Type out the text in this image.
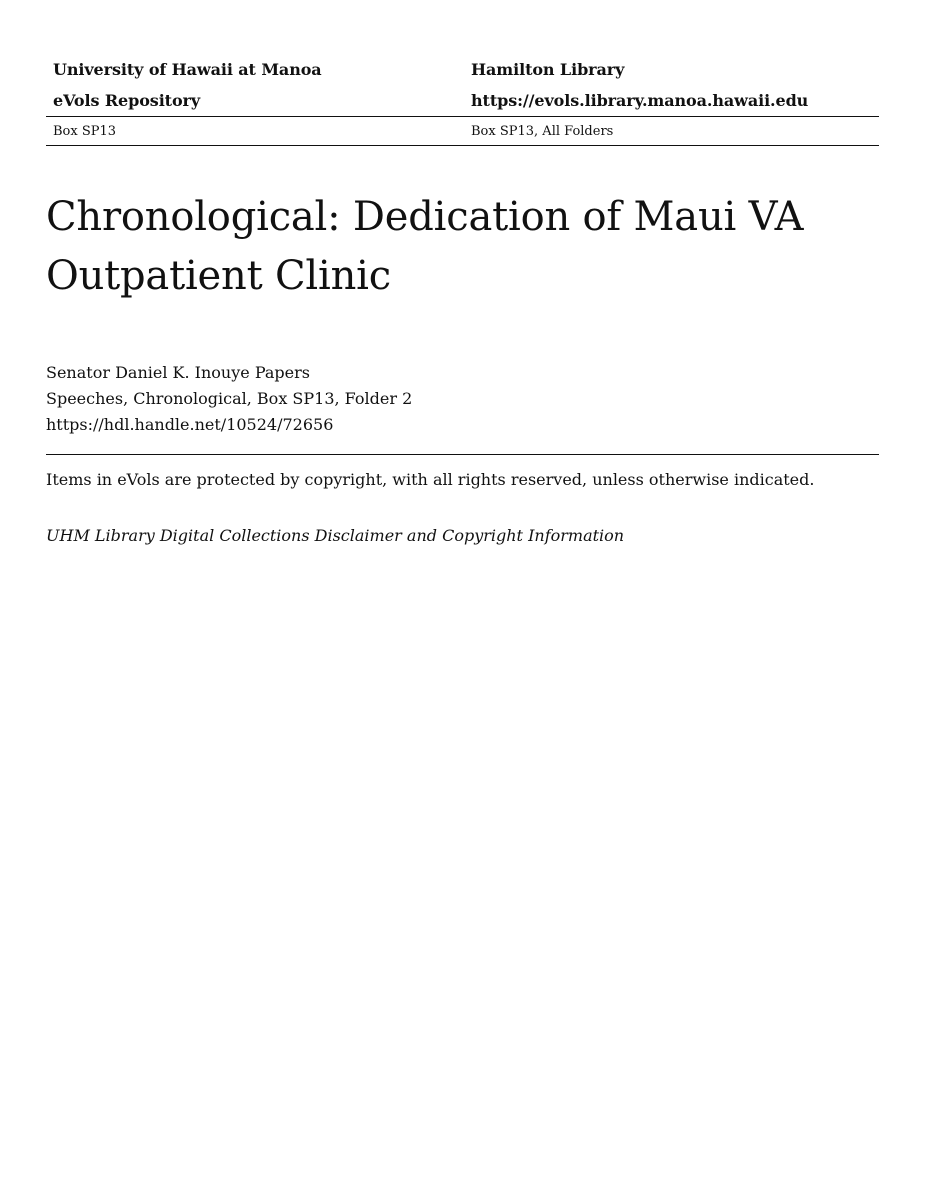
University of Hawaii at Manoa	Hamilton Library
eVols Repository	https://evols.library.manoa.hawaii.edu
Box SP13	Box SP13, All Folders
Chronological: Dedication of Maui VA Outpatient Clinic
Senator Daniel K. Inouye Papers
Speeches, Chronological, Box SP13, Folder 2
https://hdl.handle.net/10524/72656
Items in eVols are protected by copyright, with all rights reserved, unless otherwise indicated.
UHM Library Digital Collections Disclaimer and Copyright Information
